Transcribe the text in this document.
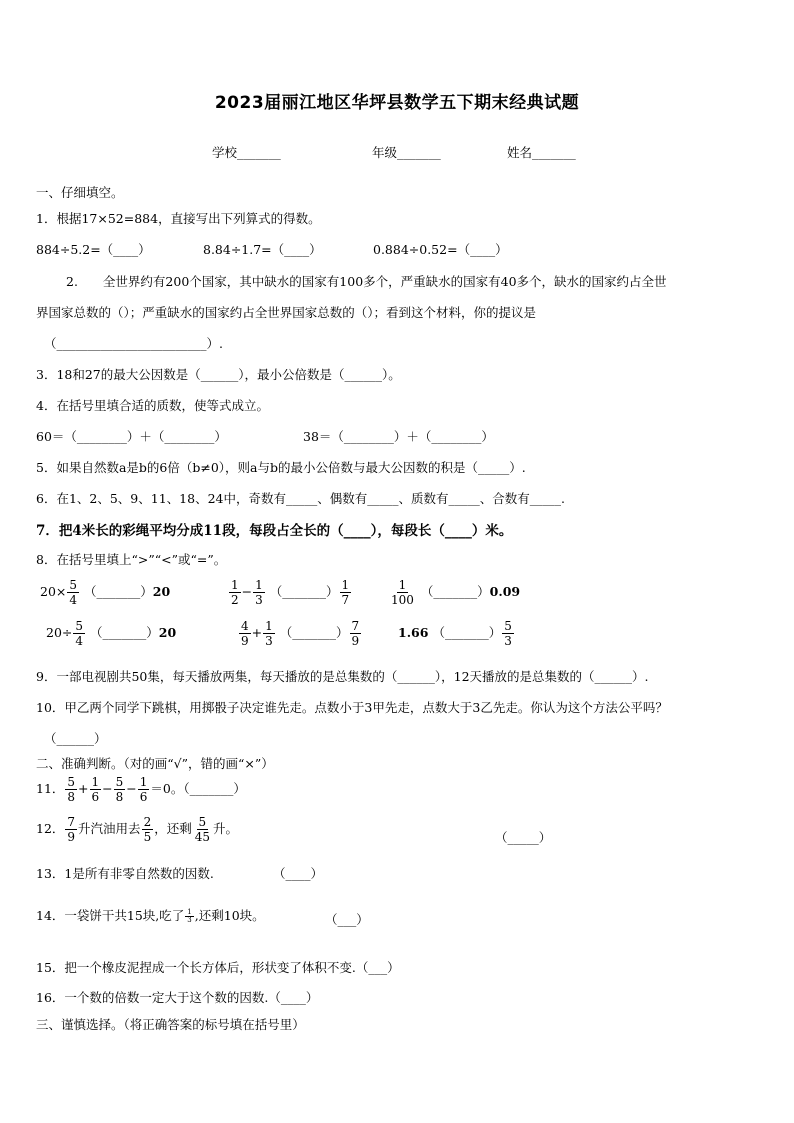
2023届丽江地区华坪县数学五下期末经典试题
学校_______	年级_______	姓名_______
一、仔细填空。
1．根据17×52=884，直接写出下列算式的得数。
884÷5.2=（____）	8.84÷1.7=（____）	0.884÷0.52=（____）
2.　　全世界约有200个国家，其中缺水的国家有100多个，严重缺水的国家有40多个，缺水的国家约占全世
界国家总数的（）；严重缺水的国家约占全世界国家总数的（）；看到这个材料，你的提议是
（________________________）.
3．18和27的最大公因数是（______），最小公倍数是（______）。
4．在括号里填合适的质数，使等式成立。
60＝（________）＋（________）	38＝（________）＋（________）
5．如果自然数a是b的6倍（b≠0），则a与b的最小公倍数与最大公因数的积是（_____）.
6．在1、2、5、9、11、18、24中，奇数有_____、偶数有_____、质数有_____、合数有_____.
7．把4米长的彩绳平均分成11段，每段占全长的（____），每段长（____）米。
8．在括号里填上“>”“<”或“=”。
$20\times \frac{5}{4}$ （_______）20	$\frac{1}{2} - \frac{1}{3}$ （_______） $\frac{1}{7}$	$\frac{1}{100}$ （_______）0.09
$20\div \frac{5}{4}$ （_______）20	$\frac{4}{9} + \frac{1}{3}$ （_______） $\frac{7}{9}$	1.66 （_______） $\frac{5}{3}$
9．一部电视剧共50集，每天播放两集，每天播放的是总集数的（______），12天播放的是总集数的（______）.
10．甲乙两个同学下跳棋，用掷骰子决定谁先走。点数小于3甲先走，点数大于3乙先走。你认为这个方法公平吗？
（______）
二、准确判断。（对的画“√”，错的画“×”）
11． $\frac{5}{8} + \frac{1}{6} - \frac{5}{8} - \frac{1}{6} =0$。（_______）
12． $\frac{7}{9}$ 升汽油用去 $\frac{2}{5}$ ，还剩 $\frac{5}{45}$ 升。
（_____）
13．1是所有非零自然数的因数.	（____）
14．一袋饼干共15块,吃了 $\frac{1}{3}$ ,还剩10块。	（___）
15．把一个橡皮泥捏成一个长方体后，形状变了体积不变.（___）
16．一个数的倍数一定大于这个数的因数.（____）
三、谨慎选择。（将正确答案的标号填在括号里）
